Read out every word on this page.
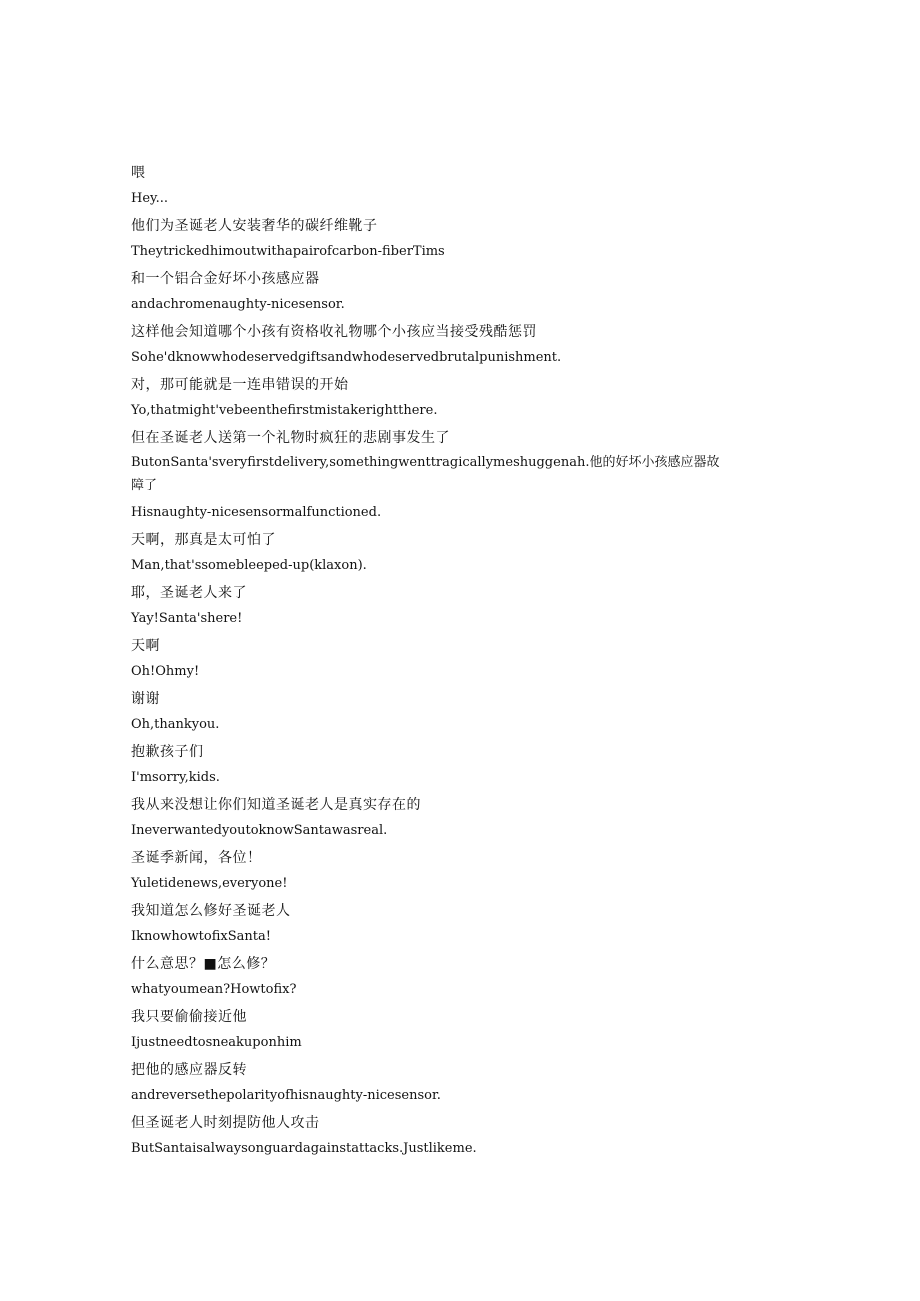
喂
Hey...
他们为圣诞老人安装奢华的碳纤维靴子
Theytrickedhimoutwithapairofcarbon-fiberTims
和一个铝合金好坏小孩感应器
andachromenaughty-nicesensor.
这样他会知道哪个小孩有资格收礼物哪个小孩应当接受残酷惩罚
Sohe'dknowwhodeservedgiftsandwhodeservedbrutalpunishment.
对，那可能就是一连串错误的开始
Yo,thatmight'vebeenthefirstmistakerightthere.
但在圣诞老人送第一个礼物时疯狂的悲剧事发生了
ButonSanta'sveryfirstdelivery,somethingwenttragicallymeshuggenah.他的好坏小孩感应器故障了
Hisnaughty-nicesensormalfunctioned.
天啊，那真是太可怕了
Man,that'ssomebleeped-up(klaxon).
耶，圣诞老人来了
Yay!Santa'shere!
天啊
Oh!Ohmy!
谢谢
Oh,thankyou.
抱歉孩子们
I'msorry,kids.
我从来没想让你们知道圣诞老人是真实存在的
IneverwantedyoutoknowSantawasreal.
圣诞季新闻，各位！
Yuletidenews,everyone!
我知道怎么修好圣诞老人
IknowhowtofixSanta!
什么意思？■怎么修？
whatyoumean?Howtofix?
我只要偷偷接近他
Ijustneedtosneakuponhim
把他的感应器反转
andreversethepolarityofhisnaughty-nicesensor.
但圣诞老人时刻提防他人攻击
ButSantaisalwaysonguardagainstattacks.Justlikeme.
